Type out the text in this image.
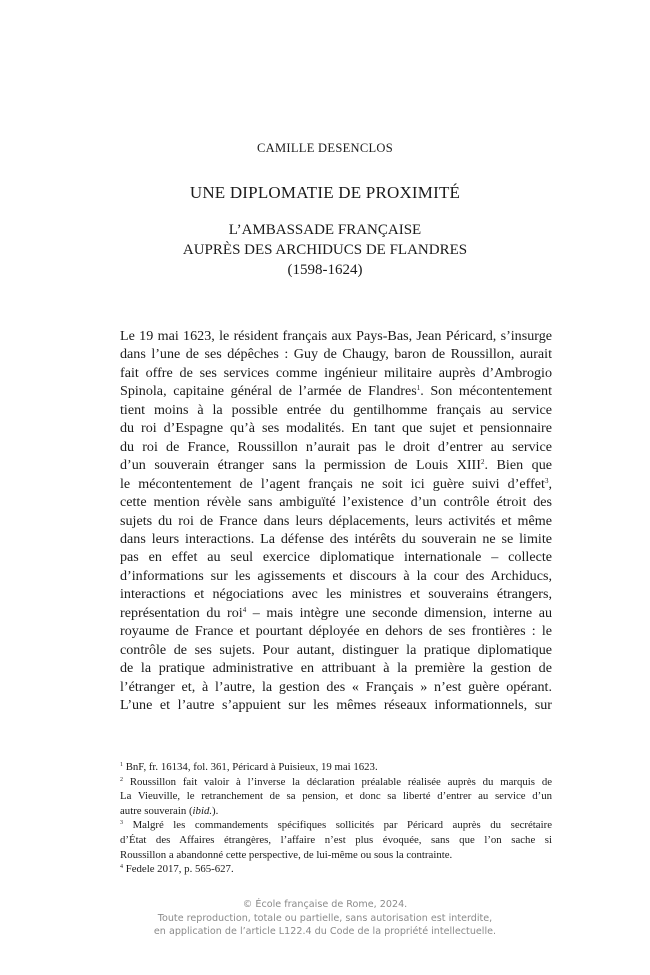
CAMILLE DESENCLOS
UNE DIPLOMATIE DE PROXIMITÉ
L’AMBASSADE FRANÇAISE
AUPRÈS DES ARCHIDUCS DE FLANDRES
(1598-1624)
Le 19 mai 1623, le résident français aux Pays-Bas, Jean Péricard, s’insurge
dans l’une de ses dépêches : Guy de Chaugy, baron de Roussillon, aurait
fait offre de ses services comme ingénieur militaire auprès d’Ambrogio
Spinola, capitaine général de l’armée de Flandres$^1$. Son mécontentement
tient moins à la possible entrée du gentilhomme français au service
du roi d’Espagne qu’à ses modalités. En tant que sujet et pensionnaire
du roi de France, Roussillon n’aurait pas le droit d’entrer au service
d’un souverain étranger sans la permission de Louis XIII$^2$. Bien que
le mécontentement de l’agent français ne soit ici guère suivi d’effet$^3$,
cette mention révèle sans ambiguïté l’existence d’un contrôle étroit des
sujets du roi de France dans leurs déplacements, leurs activités et même
dans leurs interactions. La défense des intérêts du souverain ne se limite
pas en effet au seul exercice diplomatique internationale – collecte
d’informations sur les agissements et discours à la cour des Archiducs,
interactions et négociations avec les ministres et souverains étrangers,
représentation du roi$^4$ – mais intègre une seconde dimension, interne au
royaume de France et pourtant déployée en dehors de ses frontières : le
contrôle de ses sujets. Pour autant, distinguer la pratique diplomatique
de la pratique administrative en attribuant à la première la gestion de
l’étranger et, à l’autre, la gestion des « Français » n’est guère opérant.
L’une et l’autre s’appuient sur les mêmes réseaux informationnels, sur
$^1$ BnF, fr. 16134, fol. 361, Péricard à Puisieux, 19 mai 1623.
$^2$ Roussillon fait valoir à l’inverse la déclaration préalable réalisée auprès du marquis de
La Vieuville, le retranchement de sa pension, et donc sa liberté d’entrer au service d’un
autre souverain (ibid.).
$^3$ Malgré les commandements spécifiques sollicités par Péricard auprès du secrétaire
d’État des Affaires étrangères, l’affaire n’est plus évoquée, sans que l’on sache si
Roussillon a abandonné cette perspective, de lui-même ou sous la contrainte.
$^4$ Fedele 2017, p. 565-627.
© École française de Rome, 2024.
Toute reproduction, totale ou partielle, sans autorisation est interdite,
en application de l’article L122.4 du Code de la propriété intellectuelle.
